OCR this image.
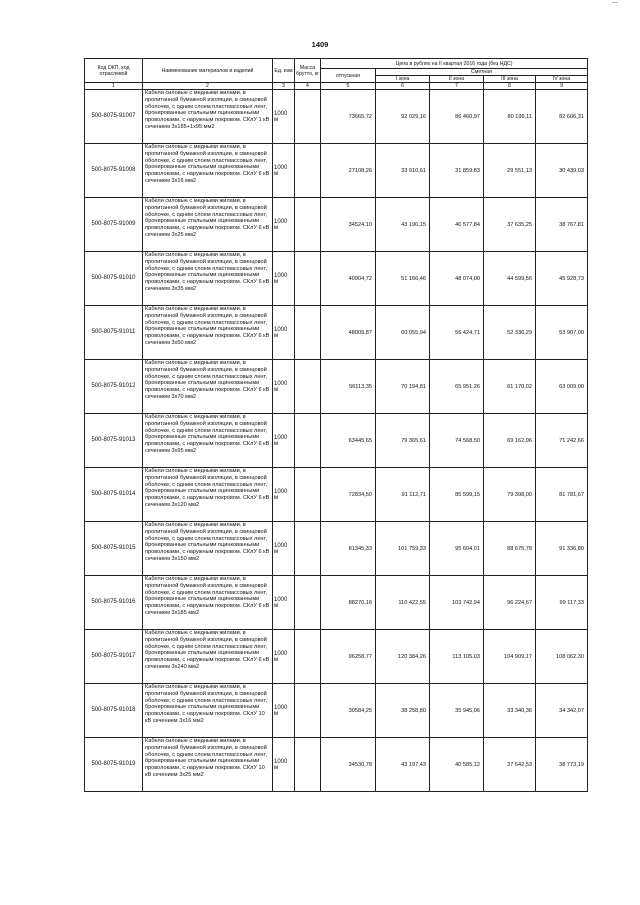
—
1409
Код ОКП, код отраслевой	Наименование материалов и изделий	Ед. изм	Масса брутто, кг	Цена в рублях на II квартал 2016 года (без НДС)				
				отпускная	Сметная			
					I зона	II зона	III зона	IV зона
1	2	3	4	5	6	7	8	9
500-8075-91007	Кабели силовые с медными жилами, в пропитанной бумажной изоляции, в свинцовой оболочке, с одним слоем пластмассовых лент, бронированные стальными оцинкованными проволоками, с наружным покровом. СКлУ 1 кВ сечением 3х185+1х95 мм2	1000 м		73665,72	92 029,16	86 460,97	80 199,11	82 606,31
500-8075-91008	Кабели силовые с медными жилами, в пропитанной бумажной изоляции, в свинцовой оболочке, с одним слоем пластмассовых лент, бронированные стальными оцинкованными проволоками, с наружным покровом. СКлУ 6 кВ сечением 3х16 мм2	1000 м		27108,26	33 910,61	31 859,83	29 551,13	30 439,03
500-8075-91009	Кабели силовые с медными жилами, в пропитанной бумажной изоляции, в свинцовой оболочке, с одним слоем пластмассовых лент, бронированные стальными оцинкованными проволоками, с наружным покровом. СКлУ 6 кВ сечением 3х25 мм2	1000 м		34524,10	43 190,15	40 577,84	37 635,25	38 767,81
500-8075-91010	Кабели силовые с медными жилами, в пропитанной бумажной изоляции, в свинцовой оболочке, с одним слоем пластмассовых лент, бронированные стальными оцинкованными проволоками, с наружным покровом. СКлУ 6 кВ сечением 3х35 мм2	1000 м		40904,72	51 166,46	48 074,00	44 599,56	45 928,73
500-8075-91011	Кабели силовые с медными жилами, в пропитанной бумажной изоляции, в свинцовой оболочке, с одним слоем пластмассовых лент, бронированные стальными оцинкованными проволоками, с наружным покровом. СКлУ 6 кВ сечением 3х50 мм2	1000 м		48009,87	60 055,94	56 424,71	52 336,29	53 907,00
500-8075-91012	Кабели силовые с медными жилами, в пропитанной бумажной изоляции, в свинцовой оболочке, с одним слоем пластмассовых лент, бронированные стальными оцинкованными проволоками, с наружным покровом. СКлУ 6 кВ сечением 3х70 мм2	1000 м		56113,35	70 194,81	65 951,26	61 170,02	63 009,00
500-8075-91013	Кабели силовые с медными жилами, в пропитанной бумажной изоляции, в свинцовой оболочке, с одним слоем пластмассовых лент, бронированные стальными оцинкованными проволоками, с наружным покровом. СКлУ 6 кВ сечением 3х95 мм2	1000 м		63445,65	79 365,61	74 568,50	69 162,96	71 242,66
500-8075-91014	Кабели силовые с медными жилами, в пропитанной бумажной изоляции, в свинцовой оболочке, с одним слоем пластмассовых лент, бронированные стальными оцинкованными проволоками, с наружным покровом. СКлУ 6 кВ сечением 3х120 мм2	1000 м		72834,50	91 112,71	85 599,15	79 398,00	81 781,67
500-8075-91015	Кабели силовые с медными жилами, в пропитанной бумажной изоляции, в свинцовой оболочке, с одним слоем пластмассовых лент, бронированные стальными оцинкованными проволоками, с наружным покровом. СКлУ 6 кВ сечением 3х150 мм2	1000 м		81345,33	101 759,33	95 604,01	88 675,78	91 336,80
500-8075-91016	Кабели силовые с медными жилами, в пропитанной бумажной изоляции, в свинцовой оболочке, с одним слоем пластмассовых лент, бронированные стальными оцинкованными проволоками, с наружным покровом. СКлУ 6 кВ сечением 3х185 мм2	1000 м		88270,16	110 422,55	103 742,94	96 224,67	99 117,33
500-8075-91017	Кабели силовые с медными жилами, в пропитанной бумажной изоляции, в свинцовой оболочке, с одним слоем пластмассовых лент, бронированные стальными оцинкованными проволоками, с наружным покровом. СКлУ 6 кВ сечением 3х240 мм2	1000 м		96258,77	120 384,26	113 105,03	104 909,17	108 062,30
500-8075-91018	Кабели силовые с медными жилами, в пропитанной бумажной изоляции, в свинцовой оболочке, с одним слоем пластмассовых лент, бронированные стальными оцинкованными проволоками, с наружным покровом. СКлУ 10 кВ сечением 3х16 мм2	1000 м		30584,25	38 258,80	35 945,06	33 340,36	34 342,07
500-8075-91019	Кабели силовые с медными жилами, в пропитанной бумажной изоляции, в свинцовой оболочке, с одним слоем пластмассовых лент, бронированные стальными оцинкованными проволоками, с наружным покровом. СКлУ 10 кВ сечением 3х25 мм2	1000 м		34530,78	43 197,43	40 585,12	37 642,53	38 773,19
